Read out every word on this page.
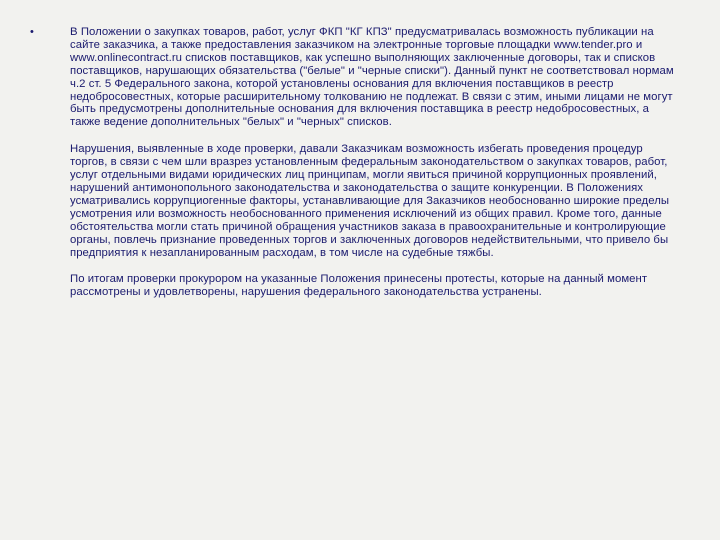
•	В Положении о закупках товаров, работ, услуг ФКП "КГ КПЗ" предусматривалась возможность публикации на сайте заказчика, а также предоставления заказчиком на электронные торговые площадки www.tender.pro и www.onlinecontract.ru списков поставщиков, как успешно выполняющих заключенные договоры, так и списков поставщиков, нарушающих обязательства ("белые" и "черные списки"). Данный пункт не соответствовал нормам ч.2 ст. 5 Федерального закона, которой установлены основания для включения поставщиков в реестр недобросовестных, которые расширительному толкованию не подлежат. В связи с этим, иными лицами не могут быть предусмотрены дополнительные основания для включения поставщика в реестр недобросовестных, а также ведение дополнительных "белых" и "черных" списков.

Нарушения, выявленные в ходе проверки, давали Заказчикам возможность избегать проведения процедур торгов, в связи с чем шли вразрез установленным федеральным законодательством о закупках товаров, работ, услуг отдельными видами юридических лиц принципам, могли явиться причиной коррупционных проявлений, нарушений антимонопольного законодательства и законодательства о защите конкуренции. В Положениях усматривались коррупциогенные факторы, устанавливающие для Заказчиков необоснованно широкие пределы усмотрения или возможность необоснованного применения исключений из общих правил. Кроме того, данные обстоятельства могли стать причиной обращения участников заказа в правоохранительные и контролирующие органы, повлечь признание проведенных торгов и заключенных договоров недействительными, что привело бы предприятия к незапланированным расходам, в том числе на судебные тяжбы.

По итогам проверки прокурором на указанные Положения принесены протесты, которые на данный момент рассмотрены и удовлетворены, нарушения федерального законодательства устранены.
